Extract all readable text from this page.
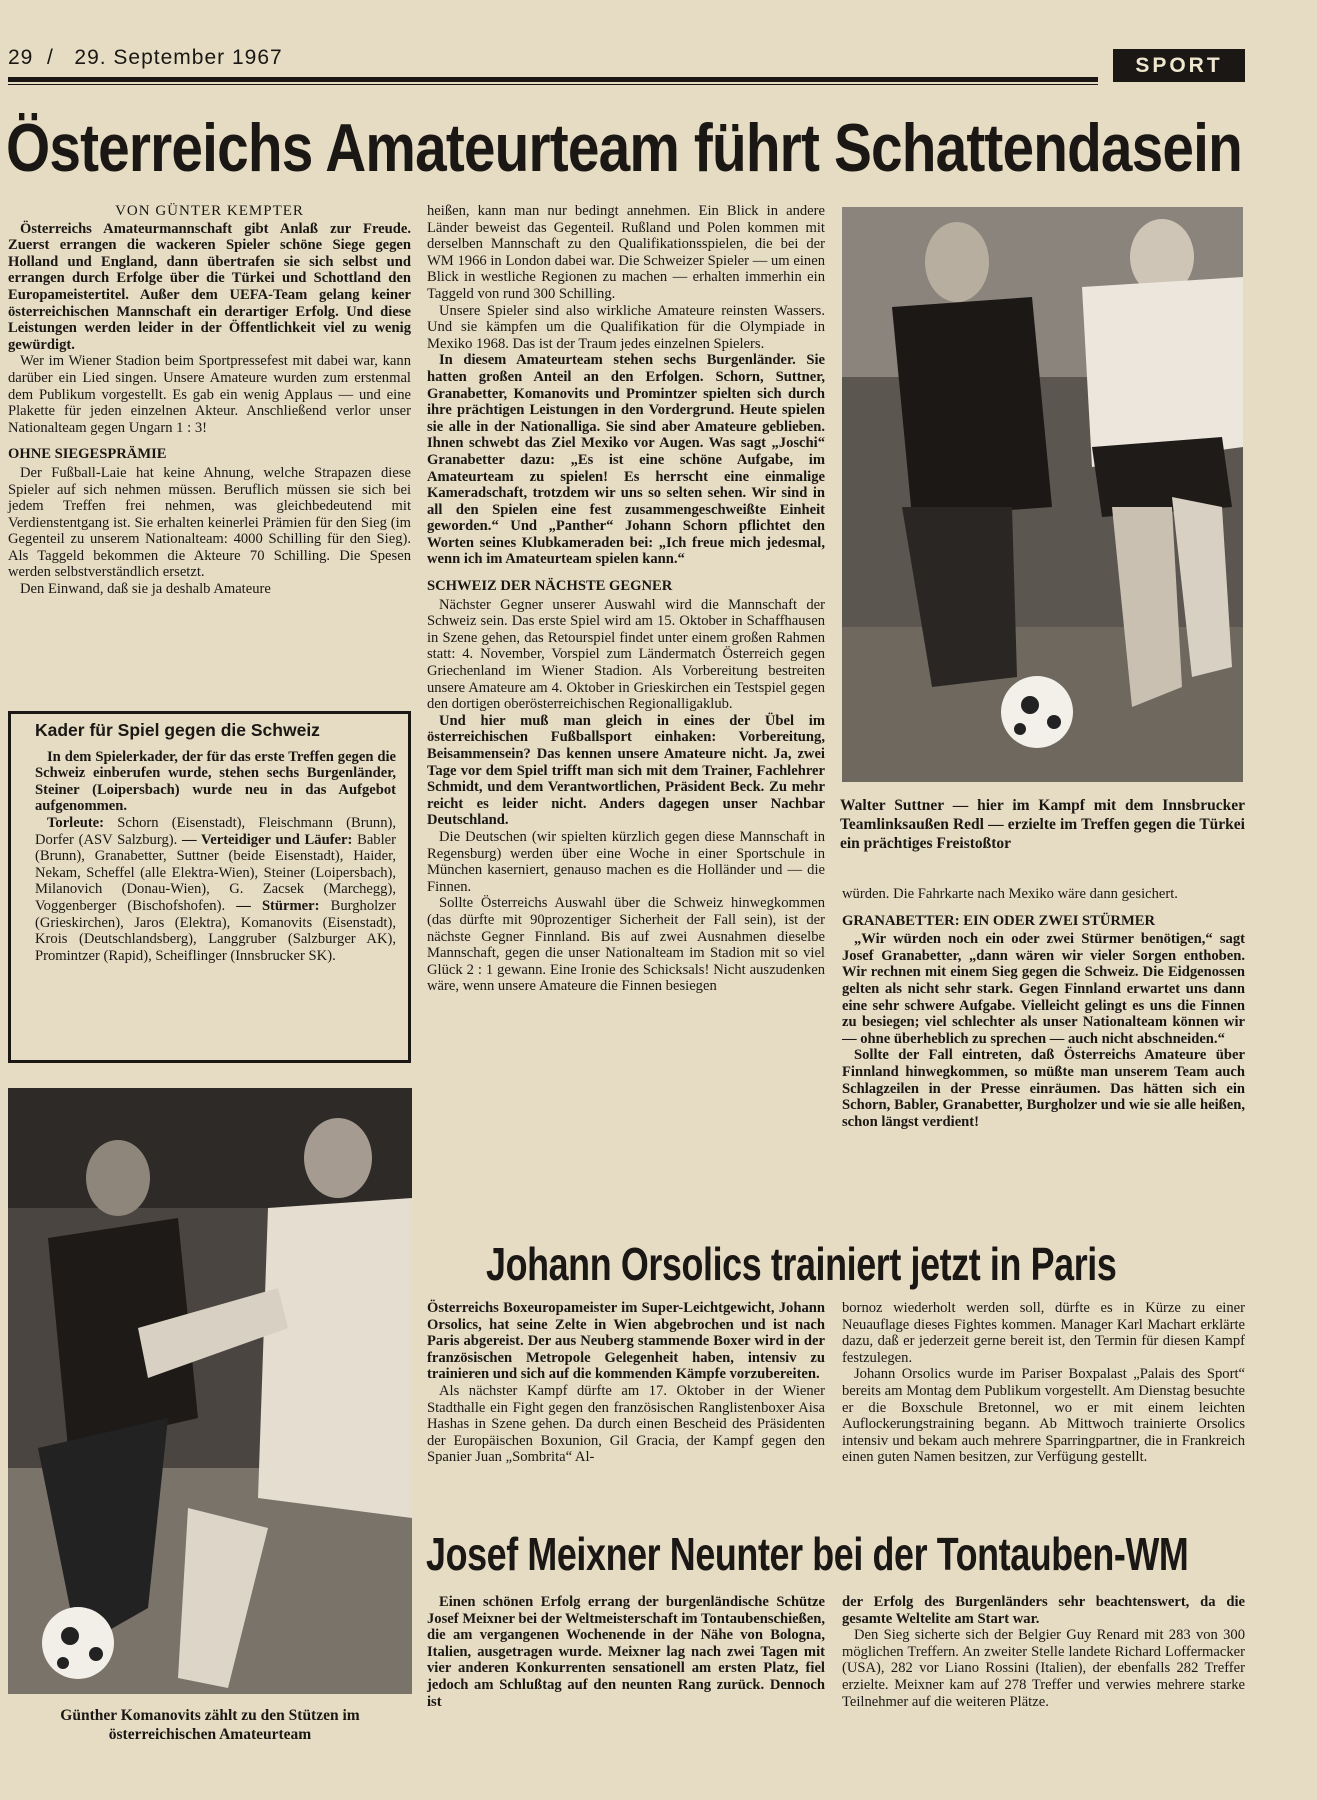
29 / 29. September 1967	SPORT
Österreichs Amateurteam führt Schattendasein
VON GÜNTER KEMPTER

Österreichs Amateurmannschaft gibt Anlaß zur Freude. Zuerst errangen die wackeren Spieler schöne Siege gegen Holland und England, dann übertrafen sie sich selbst und errangen durch Erfolge über die Türkei und Schottland den Europameistertitel. Außer dem UEFA-Team gelang keiner österreichischen Mannschaft ein derartiger Erfolg. Und diese Leistungen werden leider in der Öffentlichkeit viel zu wenig gewürdigt.

Wer im Wiener Stadion beim Sportpressefest mit dabei war, kann darüber ein Lied singen. Unsere Amateure wurden zum erstenmal dem Publikum vorgestellt. Es gab ein wenig Applaus — und eine Plakette für jeden einzelnen Akteur. Anschließend verlor unser Nationalteam gegen Ungarn 1 : 3!

OHNE SIEGESPRÄMIE

Der Fußball-Laie hat keine Ahnung, welche Strapazen diese Spieler auf sich nehmen müssen. Beruflich müssen sie sich bei jedem Treffen frei nehmen, was gleichbedeutend mit Verdienstentgang ist. Sie erhalten keinerlei Prämien für den Sieg (im Gegenteil zu unserem Nationalteam: 4000 Schilling für den Sieg). Als Taggeld bekommen die Akteure 70 Schilling. Die Spesen werden selbstverständlich ersetzt.

Den Einwand, daß sie ja deshalb Amateure

Kader für Spiel gegen die Schweiz

In dem Spielerkader, der für das erste Treffen gegen die Schweiz einberufen wurde, stehen sechs Burgenländer, Steiner (Loipersbach) wurde neu in das Aufgebot aufgenommen.

Torleute: Schorn (Eisenstadt), Fleischmann (Brunn), Dorfer (ASV Salzburg). — Verteidiger und Läufer: Babler (Brunn), Granabetter, Suttner (beide Eisenstadt), Haider, Nekam, Scheffel (alle Elektra-Wien), Steiner (Loipersbach), Milanovich (Donau-Wien), G. Zacsek (Marchegg), Voggenberger (Bischofshofen). — Stürmer: Burgholzer (Grieskirchen), Jaros (Elektra), Komanovits (Eisenstadt), Krois (Deutschlandsberg), Langgruber (Salzburger AK), Promintzer (Rapid), Scheiflinger (Innsbrucker SK).

Günther Komanovits zählt zu den Stützen im österreichischen Amateurteam

heißen, kann man nur bedingt annehmen. Ein Blick in andere Länder beweist das Gegenteil. Rußland und Polen kommen mit derselben Mannschaft zu den Qualifikationsspielen, die bei der WM 1966 in London dabei war. Die Schweizer Spieler — um einen Blick in westliche Regionen zu machen — erhalten immerhin ein Taggeld von rund 300 Schilling.

Unsere Spieler sind also wirkliche Amateure reinsten Wassers. Und sie kämpfen um die Qualifikation für die Olympiade in Mexiko 1968. Das ist der Traum jedes einzelnen Spielers.

In diesem Amateurteam stehen sechs Burgenländer. Sie hatten großen Anteil an den Erfolgen. Schorn, Suttner, Granabetter, Komanovits und Promintzer spielten sich durch ihre prächtigen Leistungen in den Vordergrund. Heute spielen sie alle in der Nationalliga. Sie sind aber Amateure geblieben. Ihnen schwebt das Ziel Mexiko vor Augen. Was sagt „Joschi“ Granabetter dazu: „Es ist eine schöne Aufgabe, im Amateurteam zu spielen! Es herrscht eine einmalige Kameradschaft, trotzdem wir uns so selten sehen. Wir sind in all den Spielen eine fest zusammengeschweißte Einheit geworden.“ Und „Panther“ Johann Schorn pflichtet den Worten seines Klubkameraden bei: „Ich freue mich jedesmal, wenn ich im Amateurteam spielen kann.“

SCHWEIZ DER NÄCHSTE GEGNER

Nächster Gegner unserer Auswahl wird die Mannschaft der Schweiz sein. Das erste Spiel wird am 15. Oktober in Schaffhausen in Szene gehen, das Retourspiel findet unter einem großen Rahmen statt: 4. November, Vorspiel zum Ländermatch Österreich gegen Griechenland im Wiener Stadion. Als Vorbereitung bestreiten unsere Amateure am 4. Oktober in Grieskirchen ein Testspiel gegen den dortigen oberösterreichischen Regionalligaklub.

Und hier muß man gleich in eines der Übel im österreichischen Fußballsport einhaken: Vorbereitung, Beisammensein? Das kennen unsere Amateure nicht. Ja, zwei Tage vor dem Spiel trifft man sich mit dem Trainer, Fachlehrer Schmidt, und dem Verantwortlichen, Präsident Beck. Zu mehr reicht es leider nicht. Anders dagegen unser Nachbar Deutschland.

Die Deutschen (wir spielten kürzlich gegen diese Mannschaft in Regensburg) werden über eine Woche in einer Sportschule in München kaserniert, genauso machen es die Holländer und — die Finnen.

Sollte Österreichs Auswahl über die Schweiz hinwegkommen (das dürfte mit 90prozentiger Sicherheit der Fall sein), ist der nächste Gegner Finnland. Bis auf zwei Ausnahmen dieselbe Mannschaft, gegen die unser Nationalteam im Stadion mit so viel Glück 2 : 1 gewann. Eine Ironie des Schicksals! Nicht auszudenken wäre, wenn unsere Amateure die Finnen besiegen

Walter Suttner — hier im Kampf mit dem Innsbrucker Teamlinksaußen Redl — erzielte im Treffen gegen die Türkei ein prächtiges Freistoßtor

würden. Die Fahrkarte nach Mexiko wäre dann gesichert.

GRANABETTER: EIN ODER ZWEI STÜRMER

„Wir würden noch ein oder zwei Stürmer benötigen,“ sagt Josef Granabetter, „dann wären wir vieler Sorgen enthoben. Wir rechnen mit einem Sieg gegen die Schweiz. Die Eidgenossen gelten als nicht sehr stark. Gegen Finnland erwartet uns dann eine sehr schwere Aufgabe. Vielleicht gelingt es uns die Finnen zu besiegen; viel schlechter als unser Nationalteam können wir — ohne überheblich zu sprechen — auch nicht abschneiden.“

Sollte der Fall eintreten, daß Österreichs Amateure über Finnland hinwegkommen, so müßte man unserem Team auch Schlagzeilen in der Presse einräumen. Das hätten sich ein Schorn, Babler, Granabetter, Burgholzer und wie sie alle heißen, schon längst verdient!

Johann Orsolics trainiert jetzt in Paris

Österreichs Boxeuropameister im Super-Leichtgewicht, Johann Orsolics, hat seine Zelte in Wien abgebrochen und ist nach Paris abgereist. Der aus Neuberg stammende Boxer wird in der französischen Metropole Gelegenheit haben, intensiv zu trainieren und sich auf die kommenden Kämpfe vorzubereiten.

Als nächster Kampf dürfte am 17. Oktober in der Wiener Stadthalle ein Fight gegen den französischen Ranglistenboxer Aisa Hashas in Szene gehen. Da durch einen Bescheid des Präsidenten der Europäischen Boxunion, Gil Gracia, der Kampf gegen den Spanier Juan „Sombrita“ Al-

bornoz wiederholt werden soll, dürfte es in Kürze zu einer Neuauflage dieses Fightes kommen. Manager Karl Machart erklärte dazu, daß er jederzeit gerne bereit ist, den Termin für diesen Kampf festzulegen.

Johann Orsolics wurde im Pariser Boxpalast „Palais des Sport“ bereits am Montag dem Publikum vorgestellt. Am Dienstag besuchte er die Boxschule Bretonnel, wo er mit einem leichten Auflockerungstraining begann. Ab Mittwoch trainierte Orsolics intensiv und bekam auch mehrere Sparringpartner, die in Frankreich einen guten Namen besitzen, zur Verfügung gestellt.

Josef Meixner Neunter bei der Tontauben-WM

Einen schönen Erfolg errang der burgenländische Schütze Josef Meixner bei der Weltmeisterschaft im Tontaubenschießen, die am vergangenen Wochenende in der Nähe von Bologna, Italien, ausgetragen wurde. Meixner lag nach zwei Tagen mit vier anderen Konkurrenten sensationell am ersten Platz, fiel jedoch am Schlußtag auf den neunten Rang zurück. Dennoch ist

der Erfolg des Burgenländers sehr beachtenswert, da die gesamte Weltelite am Start war.

Den Sieg sicherte sich der Belgier Guy Renard mit 283 von 300 möglichen Treffern. An zweiter Stelle landete Richard Loffermacker (USA), 282 vor Liano Rossini (Italien), der ebenfalls 282 Treffer erzielte. Meixner kam auf 278 Treffer und verwies mehrere starke Teilnehmer auf die weiteren Plätze.
